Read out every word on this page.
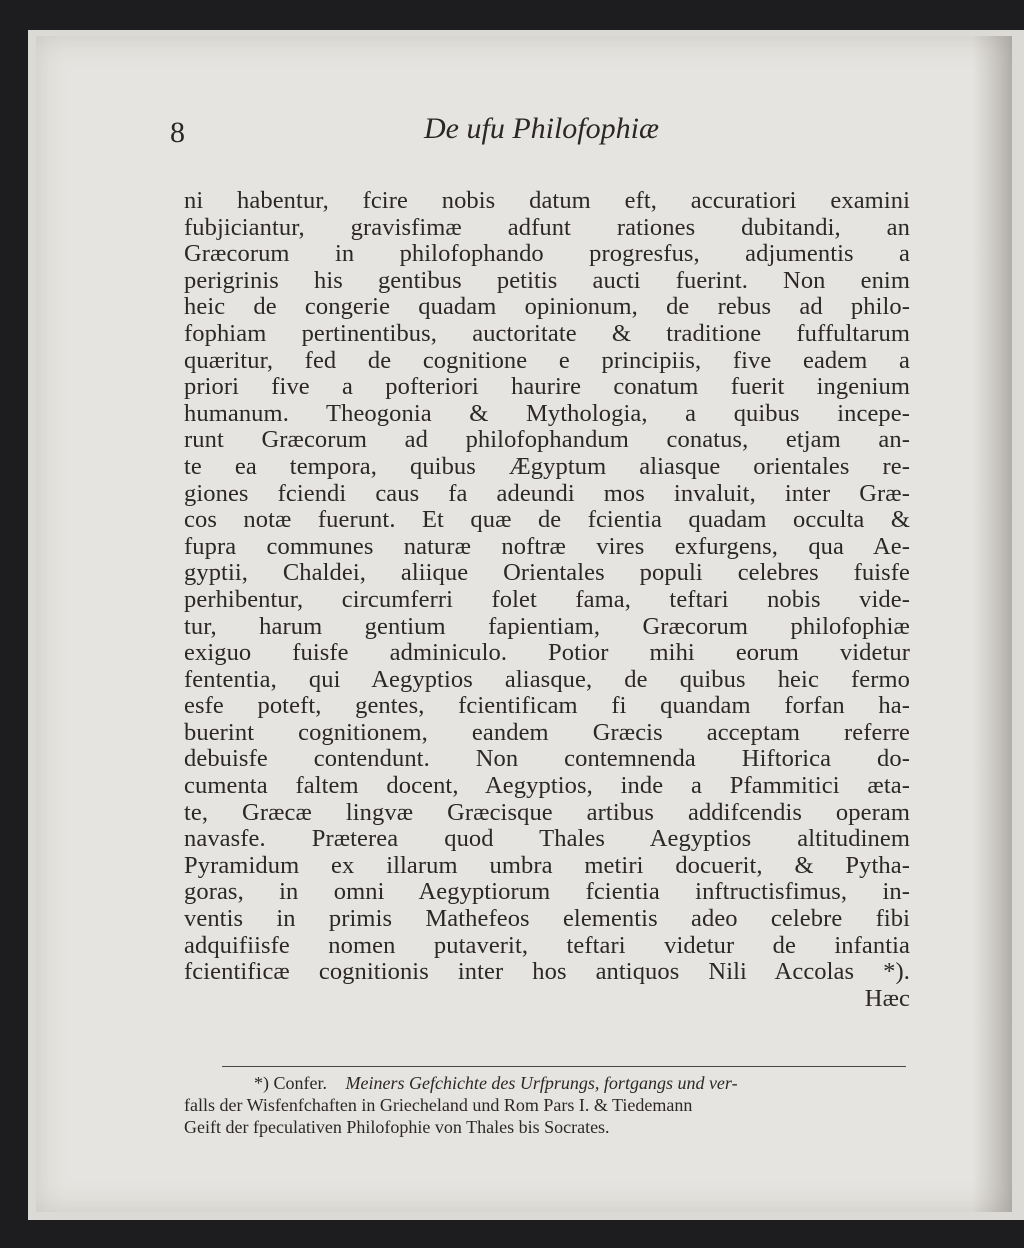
8	De ufu Philofophiæ
ni habentur, fcire nobis datum eft, accuratiori examini
fubjiciantur, gravisfimæ adfunt rationes dubitandi, an
Græcorum in philofophando progresfus, adjumentis a
perigrinis his gentibus petitis aucti fuerint. Non enim
heic de congerie quadam opinionum, de rebus ad philo-
fophiam pertinentibus, auctoritate & traditione fuffultarum
quæritur, fed de cognitione e principiis, five eadem a
priori five a pofteriori haurire conatum fuerit ingenium
humanum. Theogonia & Mythologia, a quibus incepe-
runt Græcorum ad philofophandum conatus, etjam an-
te ea tempora, quibus Ægyptum aliasque orientales re-
giones fciendi caus fa adeundi mos invaluit, inter Græ-
cos notæ fuerunt. Et quæ de fcientia quadam occulta &
fupra communes naturæ noftræ vires exfurgens, qua Ae-
gyptii, Chaldei, aliique Orientales populi celebres fuisfe
perhibentur, circumferri folet fama, teftari nobis vide-
tur, harum gentium fapientiam, Græcorum philofophiæ
exiguo fuisfe adminiculo. Potior mihi eorum videtur
fententia, qui Aegyptios aliasque, de quibus heic fermo
esfe poteft, gentes, fcientificam fi quandam forfan ha-
buerint cognitionem, eandem Græcis acceptam referre
debuisfe contendunt. Non contemnenda Hiftorica do-
cumenta faltem docent, Aegyptios, inde a Pfammitici æta-
te, Græcæ lingvæ Græcisque artibus addifcendis operam
navasfe. Præterea quod Thales Aegyptios altitudinem
Pyramidum ex illarum umbra metiri docuerit, & Pytha-
goras, in omni Aegyptiorum fcientia inftructisfimus, in-
ventis in primis Mathefeos elementis adeo celebre fibi
adquifiisfe nomen putaverit, teftari videtur de infantia
fcientificæ cognitionis inter hos antiquos Nili Accolas *).
Hæc
*) Confer. Meiners Gefchichte des Urfprungs, fortgangs und ver-
falls der Wisfenfchaften in Griecheland und Rom Pars I. & Tiedemann
Geift der fpeculativen Philofophie von Thales bis Socrates.
